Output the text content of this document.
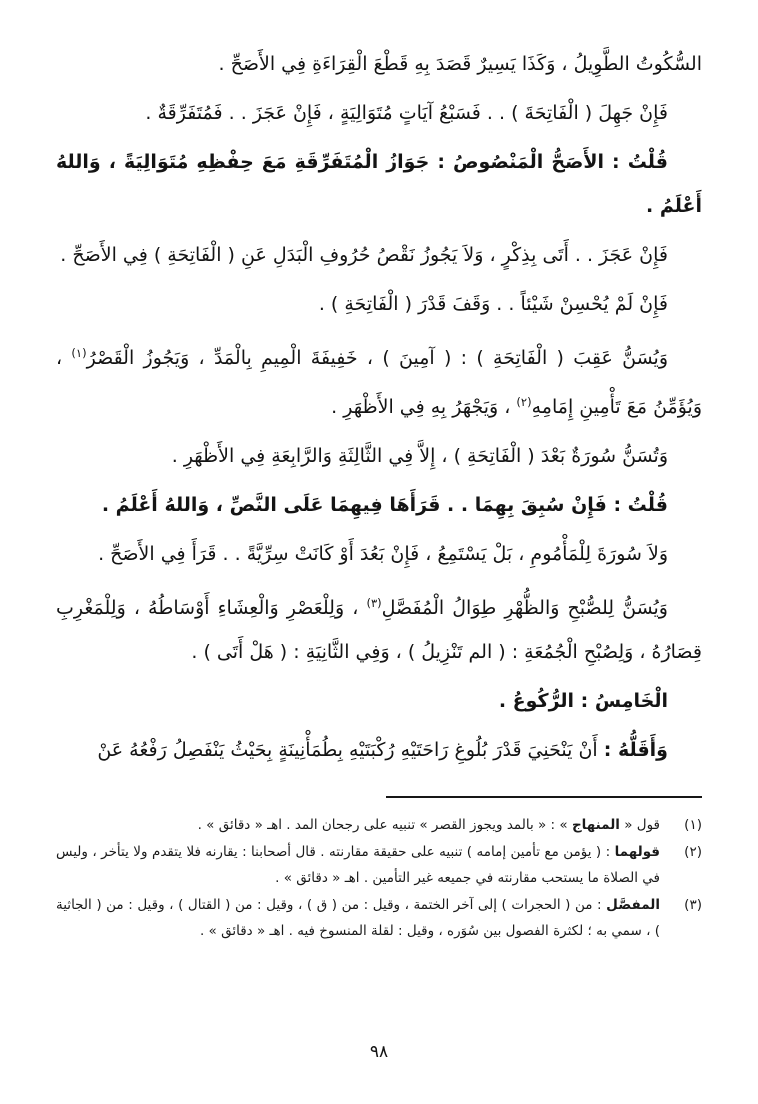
السُّكُوتُ الطَّوِيلُ ، وَكَذَا يَسِيرٌ قَصَدَ بِهِ قَطْعَ الْقِرَاءَةِ فِي الأَصَحِّ .

فَإِنْ جَهِلَ ( الْفَاتِحَةَ ) . . فَسَبْعُ آيَاتٍ مُتَوَالِيَةٍ ، فَإِنْ عَجَزَ . . فَمُتَفَرِّقَةٌ .

قُلْتُ : الأَصَحُّ الْمَنْصُوصُ : جَوَازُ الْمُتَفَرِّقَةِ مَعَ حِفْظِهِ مُتَوَالِيَةً ، وَاللهُ أَعْلَمُ .

فَإِنْ عَجَزَ . . أَتَى بِذِكْرٍ ، وَلاَ يَجُوزُ نَقْصُ حُرُوفِ الْبَدَلِ عَنِ ( الْفَاتِحَةِ ) فِي الأَصَحِّ .

فَإِنْ لَمْ يُحْسِنْ شَيْئاً . . وَقَفَ قَدْرَ ( الْفَاتِحَةِ ) .

وَيُسَنُّ عَقِبَ ( الْفَاتِحَةِ ) : ( آمِينَ ) ، خَفِيفَةَ الْمِيمِ بِالْمَدِّ ، وَيَجُوزُ الْقَصْرُ$^{(١)}$ ، وَيُؤَمِّنُ مَعَ تَأْمِينِ إِمَامِهِ$^{(٢)}$ ، وَيَجْهَرُ بِهِ فِي الأَظْهَرِ .

وَتُسَنُّ سُورَةٌ بَعْدَ ( الْفَاتِحَةِ ) ، إِلاَّ فِي الثَّالِثَةِ وَالرَّابِعَةِ فِي الأَظْهَرِ .

قُلْتُ : فَإِنْ سُبِقَ بِهِمَا . . قَرَأَهَا فِيهِمَا عَلَى النَّصِّ ، وَاللهُ أَعْلَمُ .

وَلاَ سُورَةَ لِلْمَأْمُومِ ، بَلْ يَسْتَمِعُ ، فَإِنْ بَعُدَ أَوْ كَانَتْ سِرِّيَّةً . . قَرَأَ فِي الأَصَحِّ .

وَيُسَنُّ لِلصُّبْحِ وَالظُّهْرِ طِوَالُ الْمُفَصَّلِ$^{(٣)}$ ، وَلِلْعَصْرِ وَالْعِشَاءِ أَوْسَاطُهُ ، وَلِلْمَغْرِبِ قِصَارُهُ ، وَلِصُبْحِ الْجُمُعَةِ : ( الم تَنْزِيلُ ) ، وَفِي الثَّانِيَةِ : ( هَلْ أَتَى ) .

الْخَامِسُ : الرُّكُوعُ .

وَأَقَلُّهُ : أَنْ يَنْحَنِيَ قَدْرَ بُلُوغِ رَاحَتَيْهِ رُكْبَتَيْهِ بِطُمَأْنِينَةٍ بِحَيْثُ يَنْفَصِلُ رَفْعُهُ عَنْ

(١)
قول « المنهاج » : « بالمد ويجوز القصر » تنبيه على رجحان المد . اهـ « دقائق » .
(٢)
قولهما : ( يؤمن مع تأمين إمامه ) تنبيه على حقيقة مقارنته . قال أصحابنا : يقارنه فلا يتقدم ولا يتأخر ، وليس في الصلاة ما يستحب مقارنته في جميعه غير التأمين . اهـ « دقائق » .
(٣)
المفصَّل : من ( الحجرات ) إلى آخر الختمة ، وقيل : من ( ق ) ، وقيل : من ( القتال ) ، وقيل : من ( الجاثية ) ، سمي به ؛ لكثرة الفصول بين سُوَره ، وقيل : لقلة المنسوخ فيه . اهـ « دقائق » .
٩٨
